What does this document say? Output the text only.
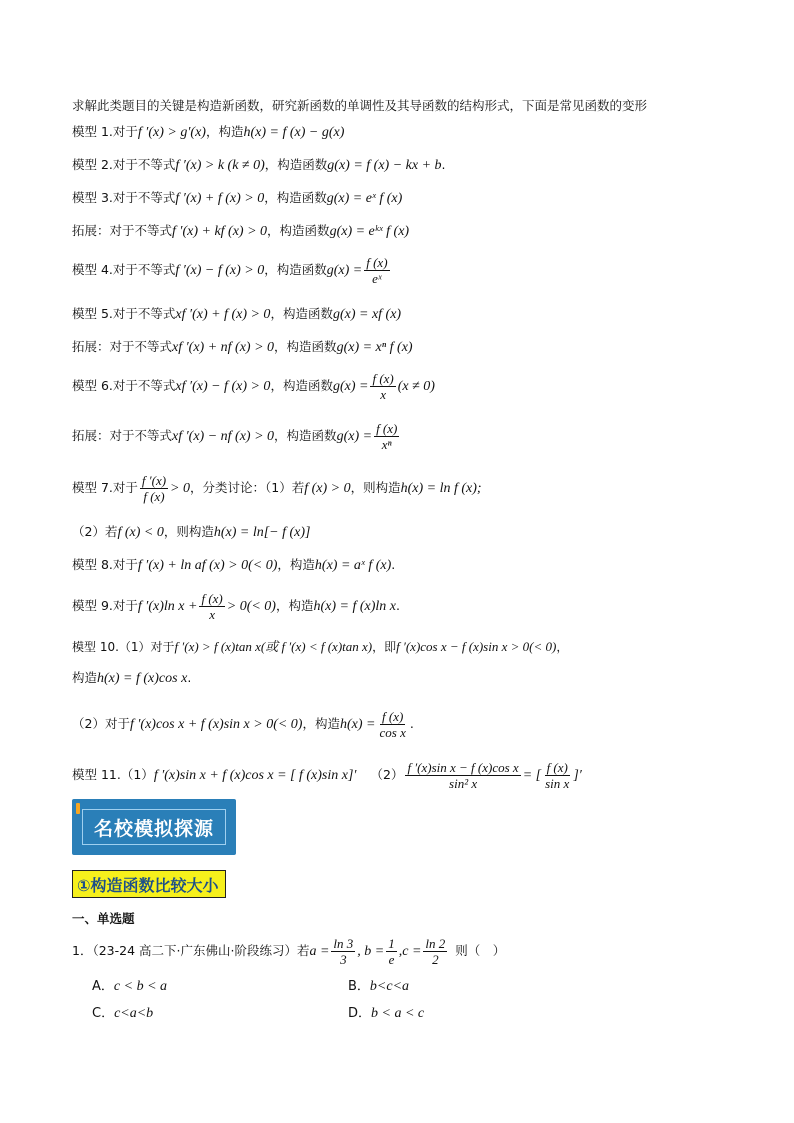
求解此类题目的关键是构造新函数，研究新函数的单调性及其导函数的结构形式，下面是常见函数的变形
模型 1.对于f ′(x) > g′(x)，构造h(x) = f (x) − g(x)
模型 2.对于不等式f ′(x) > k (k ≠ 0)，构造函数g(x) = f (x) − kx + b.
模型 3.对于不等式f ′(x) + f (x) > 0，构造函数g(x) = eˣ f (x)
拓展：对于不等式f ′(x) + kf (x) > 0，构造函数g(x) = eᵏˣ f (x)
模型 4.对于不等式f ′(x) − f (x) > 0，构造函数$g(x) = \frac{f (x)}{\text{eˣ}}$
模型 5.对于不等式xf ′(x) + f (x) > 0，构造函数g(x) = xf (x)
拓展：对于不等式xf ′(x) + nf (x) > 0，构造函数g(x) = xⁿ f (x)
模型 6.对于不等式xf ′(x) − f (x) > 0，构造函数$g(x) = \frac{f (x)}{x} (x \ne 0)$
拓展：对于不等式xf ′(x) − nf (x) > 0，构造函数$g(x) = \frac{f (x)}{\text{xⁿ}}$
模型 7.对于 $\frac{f '(x)}{f (x)} > 0$，分类讨论：（1）若f (x) > 0，则构造h(x) = ln f (x);
（2）若f (x) < 0，则构造h(x) = ln[− f (x)]
模型 8.对于f ′(x) + ln af (x) > 0(< 0)，构造h(x) = aˣ f (x).
模型 9.对于f ′(x)ln $x + \frac{f (x)}{x} > 0(< 0)$，构造h(x) = f (x)ln x.
模型 10.（1）对于f ′(x) > f (x)tan x(或 f ′(x) < f (x)tan x)，即f ′(x)cos x − f (x)sin x > 0(< 0)，
构造h(x) = f (x)cos x.
（2）对于f ′(x)cos x + f (x)sin x > 0(< 0)，构造$h(x) = \frac{f (x)}{\text{cos x}}$ .
模型 11.（1）f ′(x)sin x + f (x)cos x = [ f (x)sin x]′ $(2) \frac{\text{f ′(x)sin x − f (x)cos x}}{\text{sin² x}}$ = [ $\frac{f (x)}{\text{sin x}}$ ]′
名校模拟探源
①构造函数比较大小
一、单选题
1．（23-24 高二下·广东佛山·阶段练习）若$a = \frac{\ln 3}{3}$ , $b = \frac{1}{e} ,c = \frac{\ln 2}{2}$ 则（　）
A．c < b < a	B．b<c<a
C．c<a<b	D．b < a < c
